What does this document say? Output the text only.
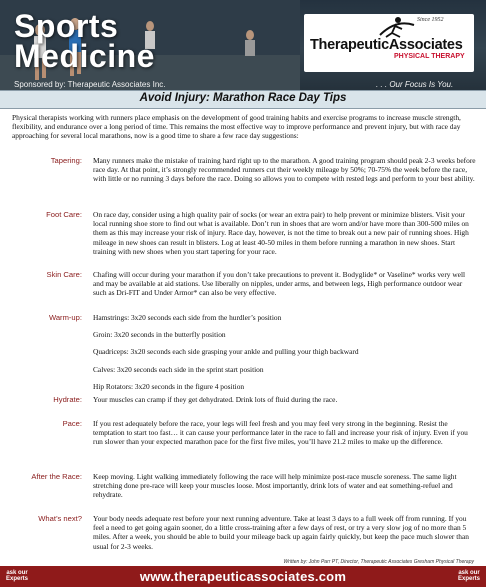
Sports
Medicine
Since 1952
TherapeuticAssociates
PHYSICAL THERAPY
Sponsored by: Therapeutic Associates Inc.	. . . Our Focus Is You.
Avoid Injury: Marathon Race Day Tips
Physical therapists working with runners place emphasis on the development of good training habits and exercise programs to increase muscle strength, flexibility, and endurance over a long period of time. This remains the most effective way to improve performance and prevent injury, but with race day approaching for several local marathons, now is a good time to share a few race day suggestions:
Tapering: Many runners make the mistake of training hard right up to the marathon. A good training program should peak 2-3 weeks before race day. At that point, it’s strongly recommended runners cut their weekly mileage by 50%; 70-75% the week before the race, with little or no running 3 days before the race. Doing so allows you to compete with rested legs and perform to your best ability.

Foot Care: On race day, consider using a high quality pair of socks (or wear an extra pair) to help prevent or minimize blisters. Visit your local running shoe store to find out what is available. Don’t run in shoes that are worn and/or have more than 300-500 miles on them as this may increase your risk of injury. Race day, however, is not the time to break out a new pair of running shoes. High mileage in new shoes can result in blisters. Log at least 40-50 miles in them before running a marathon in new shoes. Start training with new shoes when you start tapering for your race.

Skin Care: Chafing will occur during your marathon if you don’t take precautions to prevent it. Bodyglide* or Vaseline* works very well and may be available at aid stations. Use liberally on nipples, under arms, and between legs, High performance outdoor wear such as Dri-FIT and Under Armor* can also be very effective.

Warm-up: Hamstrings: 3x20 seconds each side from the hurdler’s position

Groin: 3x20 seconds in the butterfly position

Quadriceps: 3x20 seconds each side grasping your ankle and pulling your thigh backward

Calves: 3x20 seconds each side in the sprint start position

Hip Rotators: 3x20 seconds in the figure 4 position

Hydrate: Your muscles can cramp if they get dehydrated. Drink lots of fluid during the race.

Pace: If you rest adequately before the race, your legs will feel fresh and you may feel very strong in the beginning. Resist the temptation to start too fast… it can cause your performance later in the race to fall and increase your risk of injury. Even if you run slower than your expected marathon pace for the first five miles, you’ll have 21.2 miles to make up the difference.

After the Race: Keep moving. Light walking immediately following the race will help minimize post-race muscle soreness. The same light stretching done pre-race will keep your muscles loose. Most importantly, drink lots of water and eat something-refuel and rehydrate.

What’s next? Your body needs adequate rest before your next running adventure. Take at least 3 days to a full week off from running. If you feel a need to get going again sooner, do a little cross-training after a few days of rest, or try a very slow jog of no more than 5 miles. After a week, you should be able to build your mileage back up again fairly quickly, but keep the pace much slower than usual for 2-3 weeks.

Written by: John Parr PT, Director, Therapeutic Associates Gresham Physical Therapy
ask our
Experts	www.therapeuticassociates.com	ask our
Experts
